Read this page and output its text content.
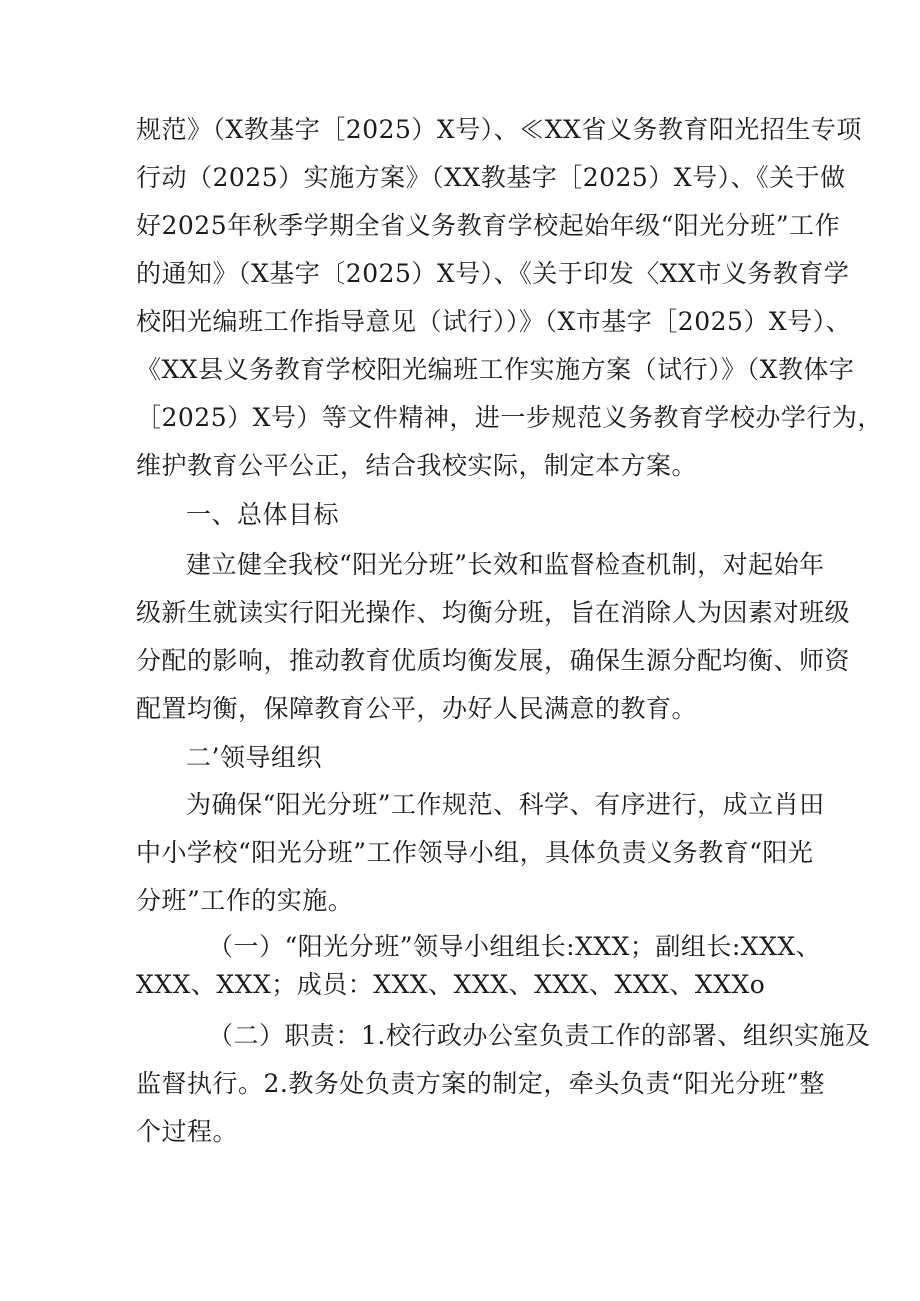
规范》（X教基字［2025）X号）、≪XX省义务教育阳光招生专项
行动（2025）实施方案》（XX教基字［2025）X号）、《关于做
好2025年秋季学期全省义务教育学校起始年级“阳光分班”工作
的通知》（X基字〔2025）X号）、《关于印发〈XX市义务教育学
校阳光编班工作指导意见（试行））》（X市基字［2025）X号）、
《XX县义务教育学校阳光编班工作实施方案（试行）》（X教体字
［2025）X号）等文件精神，进一步规范义务教育学校办学行为，
维护教育公平公正，结合我校实际，制定本方案。
一、总体目标
建立健全我校“阳光分班”长效和监督检查机制，对起始年
级新生就读实行阳光操作、均衡分班，旨在消除人为因素对班级
分配的影响，推动教育优质均衡发展，确保生源分配均衡、师资
配置均衡，保障教育公平，办好人民满意的教育。
二’领导组织
为确保“阳光分班”工作规范、科学、有序进行，成立肖田
中小学校“阳光分班”工作领导小组，具体负责义务教育“阳光
分班”工作的实施。
（一）“阳光分班”领导小组组长:XXX；副组长:XXX、
XXX、XXX；成员：XXX、XXX、XXX、XXX、XXXo
（二）职责：1.校行政办公室负责工作的部署、组织实施及
监督执行。2.教务处负责方案的制定，牵头负责“阳光分班”整
个过程。
